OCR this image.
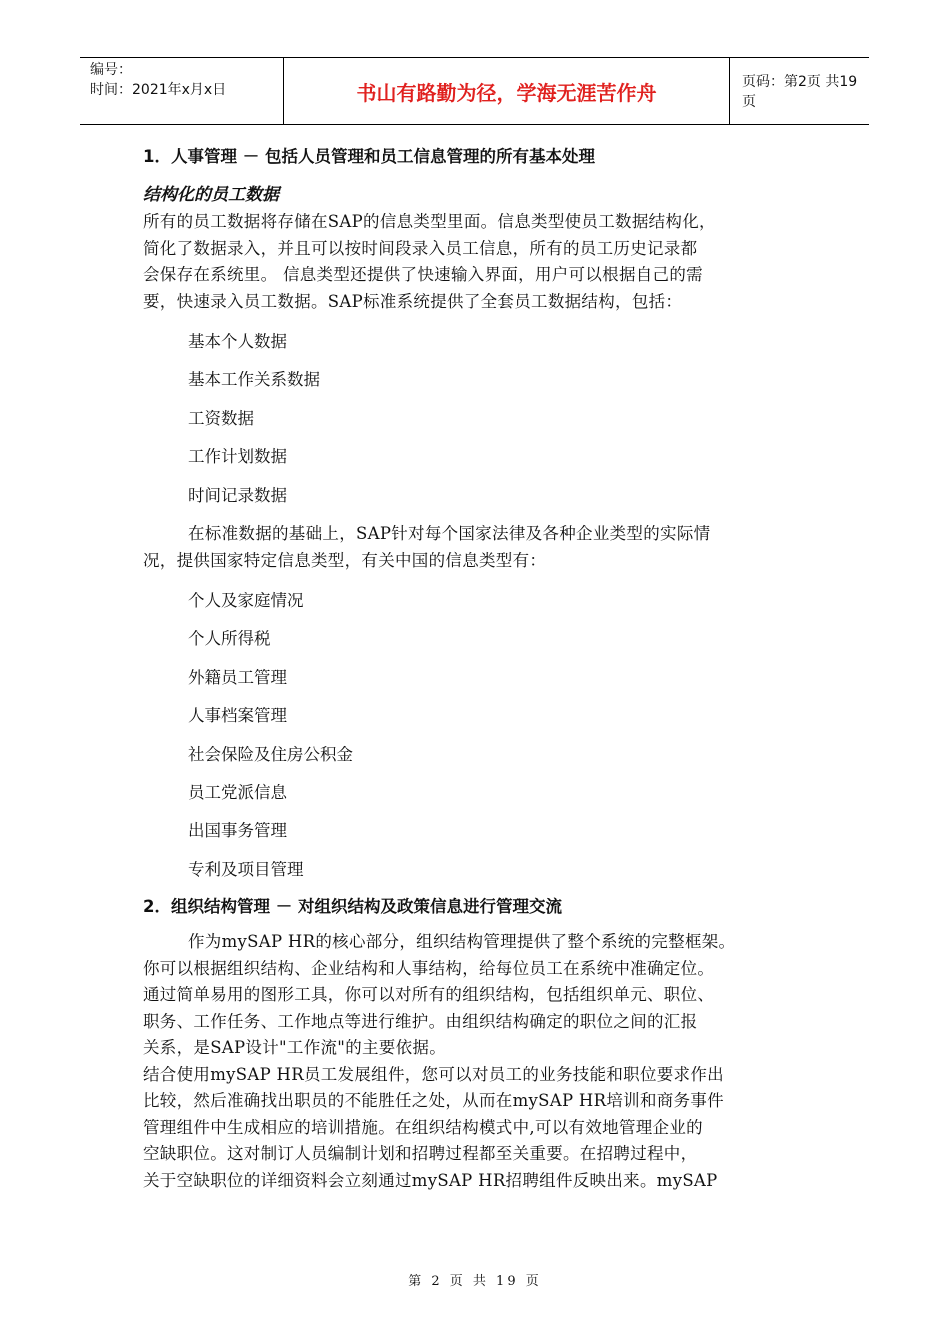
编号：
时间：2021年x月x日	书山有路勤为径，学海无涯苦作舟	页码：第2页 共19页
1．人事管理 － 包括人员管理和员工信息管理的所有基本处理
结构化的员工数据

所有的员工数据将存储在SAP的信息类型里面。信息类型使员工数据结构化，
简化了数据录入，并且可以按时间段录入员工信息，所有的员工历史记录都
会保存在系统里。 信息类型还提供了快速输入界面，用户可以根据自己的需
要，快速录入员工数据。SAP标准系统提供了全套员工数据结构，包括：

基本个人数据
基本工作关系数据
工资数据
工作计划数据
时间记录数据

在标准数据的基础上，SAP针对每个国家法律及各种企业类型的实际情
况，提供国家特定信息类型，有关中国的信息类型有：

个人及家庭情况
个人所得税
外籍员工管理
人事档案管理
社会保险及住房公积金
员工党派信息
出国事务管理
专利及项目管理
2．组织结构管理 － 对组织结构及政策信息进行管理交流

作为mySAP HR的核心部分，组织结构管理提供了整个系统的完整框架。
你可以根据组织结构、企业结构和人事结构，给每位员工在系统中准确定位。
通过简单易用的图形工具，你可以对所有的组织结构，包括组织单元、职位、
职务、工作任务、工作地点等进行维护。由组织结构确定的职位之间的汇报
关系，是SAP设计"工作流"的主要依据。

结合使用mySAP HR员工发展组件，您可以对员工的业务技能和职位要求作出
比较，然后准确找出职员的不能胜任之处，从而在mySAP HR培训和商务事件
管理组件中生成相应的培训措施。在组织结构模式中,可以有效地管理企业的
空缺职位。这对制订人员编制计划和招聘过程都至关重要。在招聘过程中，
关于空缺职位的详细资料会立刻通过mySAP HR招聘组件反映出来。mySAP

第 2 页 共 19 页
